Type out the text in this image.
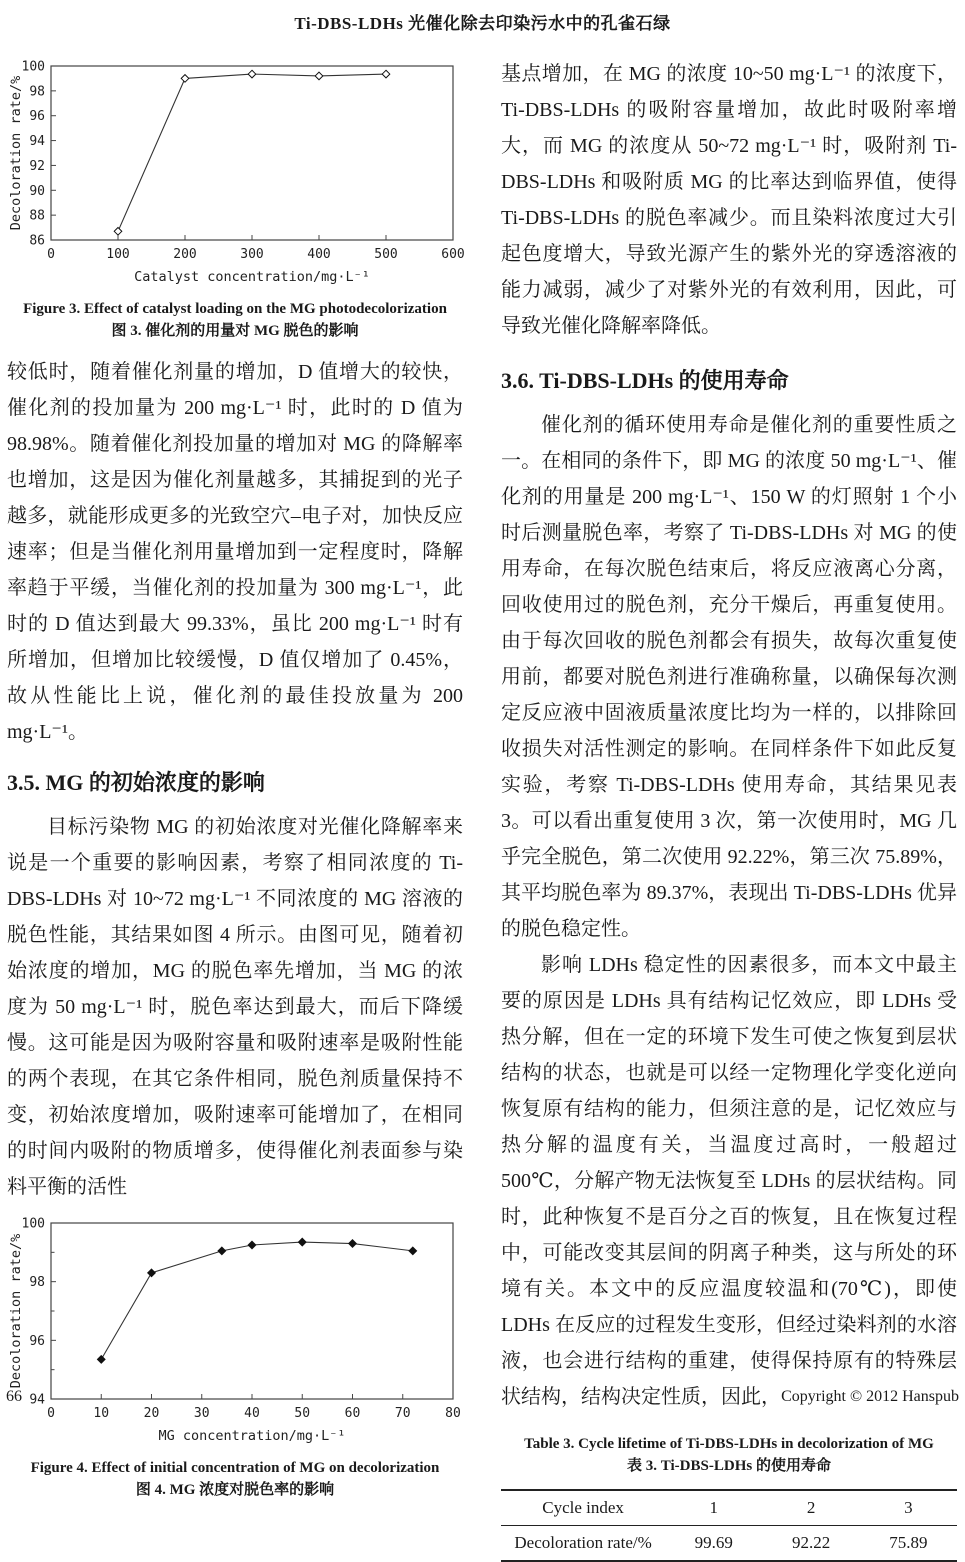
Ti-DBS-LDHs 光催化除去印染污水中的孔雀石绿
86
88
90
92
94
96
98
100
0	100	200	300	400	500	600
Catalyst concentration/mg·L⁻¹
Decoloration rate/%
Figure 3. Effect of catalyst loading on the MG photodecolorization
图 3. 催化剂的用量对 MG 脱色的影响

较低时，随着催化剂量的增加，D 值增大的较快，催化剂的投加量为 200 mg·L⁻¹ 时，此时的 D 值为 98.98%。随着催化剂投加量的增加对 MG 的降解率也增加，这是因为催化剂量越多，其捕捉到的光子越多，就能形成更多的光致空穴–电子对，加快反应速率；但是当催化剂用量增加到一定程度时，降解率趋于平缓，当催化剂的投加量为 300 mg·L⁻¹，此时的 D 值达到最大 99.33%，虽比 200 mg·L⁻¹ 时有所增加，但增加比较缓慢，D 值仅增加了 0.45%，故从性能比上说，催化剂的最佳投放量为 200 mg·L⁻¹。

3.5. MG 的初始浓度的影响

目标污染物 MG 的初始浓度对光催化降解率来说是一个重要的影响因素，考察了相同浓度的 Ti-DBS-LDHs 对 10~72 mg·L⁻¹ 不同浓度的 MG 溶液的脱色性能，其结果如图 4 所示。由图可见，随着初始浓度的增加，MG 的脱色率先增加，当 MG 的浓度为 50 mg·L⁻¹ 时，脱色率达到最大，而后下降缓慢。这可能是因为吸附容量和吸附速率是吸附性能的两个表现，在其它条件相同，脱色剂质量保持不变，初始浓度增加，吸附速率可能增加了，在相同的时间内吸附的物质增多，使得催化剂表面参与染料平衡的活性

94
96
98
100
0	10	20	30	40	50	60	70	80
MG concentration/mg·L⁻¹
Decoloration rate/%
Figure 4. Effect of initial concentration of MG on decolorization
图 4. MG 浓度对脱色率的影响

基点增加，在 MG 的浓度 10~50 mg·L⁻¹ 的浓度下，Ti-DBS-LDHs 的吸附容量增加，故此时吸附率增大，而 MG 的浓度从 50~72 mg·L⁻¹ 时，吸附剂 Ti-DBS-LDHs 和吸附质 MG 的比率达到临界值，使得 Ti-DBS-LDHs 的脱色率减少。而且染料浓度过大引起色度增大，导致光源产生的紫外光的穿透溶液的能力减弱，减少了对紫外光的有效利用，因此，可导致光催化降解率降低。

3.6. Ti-DBS-LDHs 的使用寿命

催化剂的循环使用寿命是催化剂的重要性质之一。在相同的条件下，即 MG 的浓度 50 mg·L⁻¹、催化剂的用量是 200 mg·L⁻¹、150 W 的灯照射 1 个小时后测量脱色率，考察了 Ti-DBS-LDHs 对 MG 的使用寿命，在每次脱色结束后，将反应液离心分离，回收使用过的脱色剂，充分干燥后，再重复使用。由于每次回收的脱色剂都会有损失，故每次重复使用前，都要对脱色剂进行准确称量，以确保每次测定反应液中固液质量浓度比均为一样的，以排除回收损失对活性测定的影响。在同样条件下如此反复实验，考察 Ti-DBS-LDHs 使用寿命，其结果见表 3。可以看出重复使用 3 次，第一次使用时，MG 几乎完全脱色，第二次使用 92.22%，第三次 75.89%，其平均脱色率为 89.37%，表现出 Ti-DBS-LDHs 优异的脱色稳定性。

影响 LDHs 稳定性的因素很多，而本文中最主要的原因是 LDHs 具有结构记忆效应，即 LDHs 受热分解，但在一定的环境下发生可使之恢复到层状结构的状态，也就是可以经一定物理化学变化逆向恢复原有结构的能力，但须注意的是，记忆效应与热分解的温度有关，当温度过高时，一般超过 500℃，分解产物无法恢复至 LDHs 的层状结构。同时，此种恢复不是百分之百的恢复，且在恢复过程中，可能改变其层间的阴离子种类，这与所处的环境有关。本文中的反应温度较温和(70℃)，即使 LDHs 在反应的过程发生变形，但经过染料剂的水溶液，也会进行结构的重建，使得保持原有的特殊层状结构，结构决定性质，因此，

Table 3. Cycle lifetime of Ti-DBS-LDHs in decolorization of MG
表 3. Ti-DBS-LDHs 的使用寿命
Cycle index	1	2	3
Decoloration rate/%	99.69	92.22	75.89
66	Copyright © 2012 Hanspub
